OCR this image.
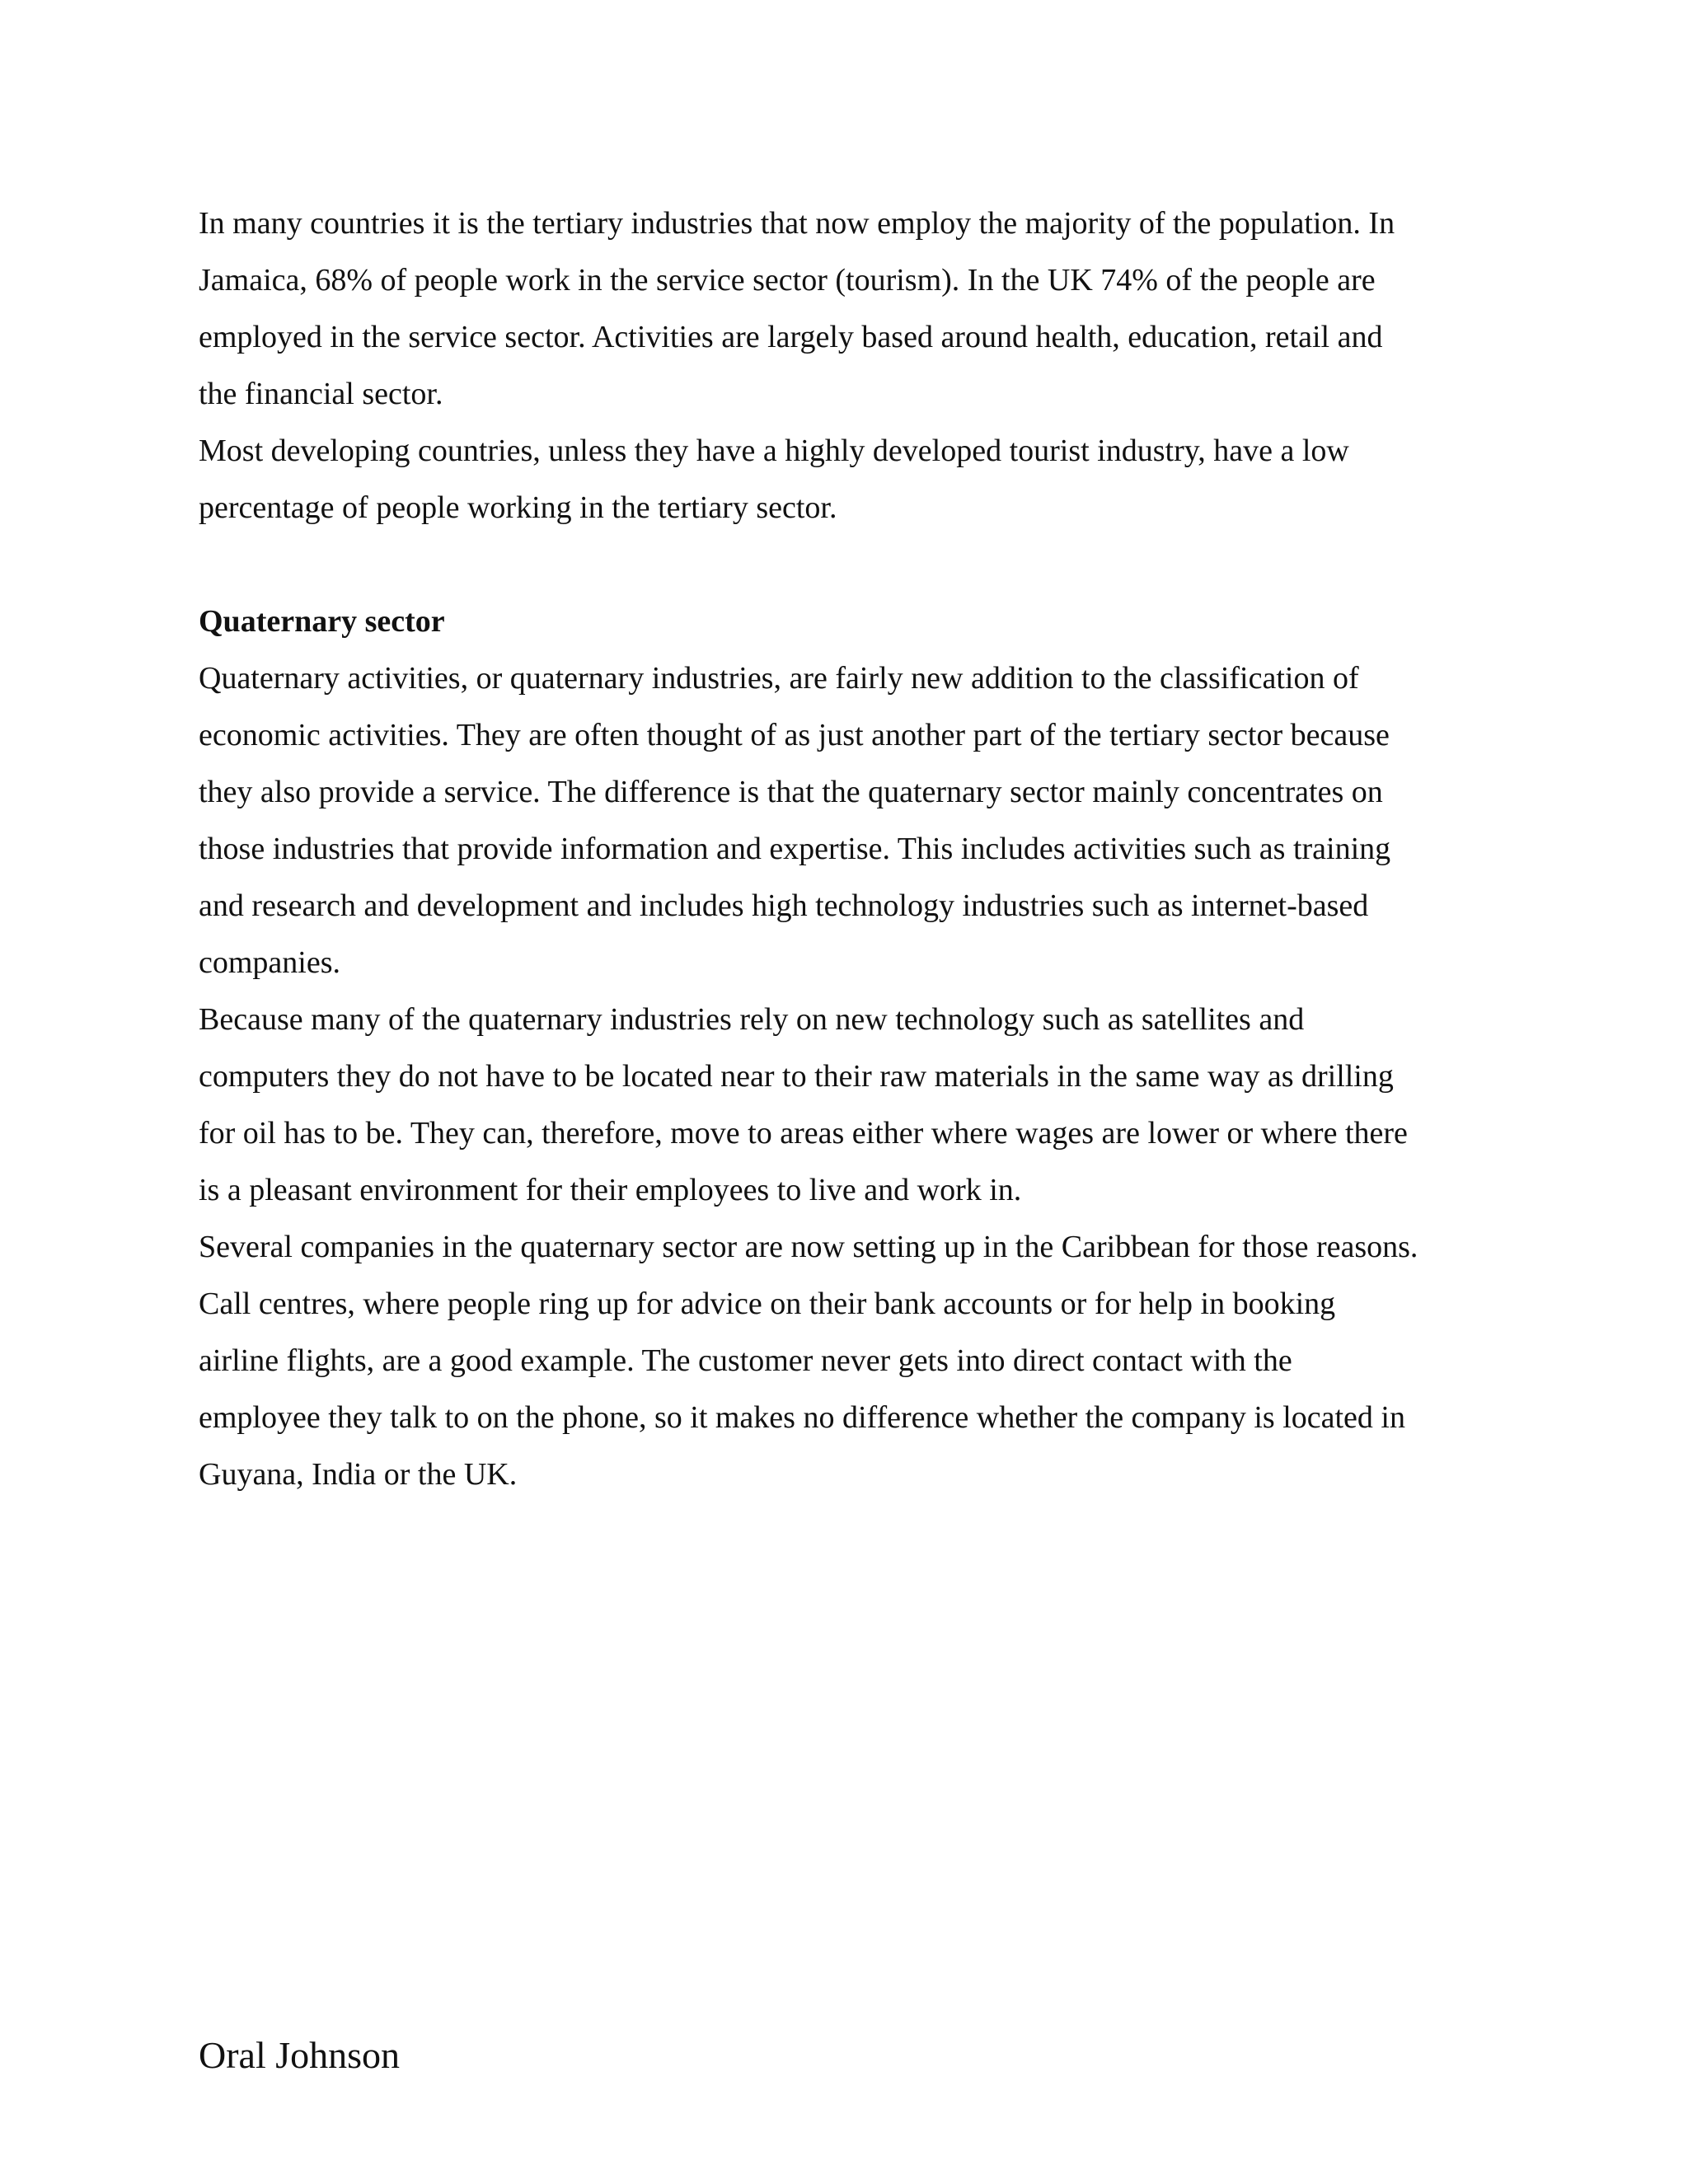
In many countries it is the tertiary industries that now employ the majority of the population. In
Jamaica, 68% of people work in the service sector (tourism). In the UK 74% of the people are
employed in the service sector. Activities are largely based around health, education, retail and
the financial sector.

Most developing countries, unless they have a highly developed tourist industry, have a low
percentage of people working in the tertiary sector.

Quaternary sector

Quaternary activities, or quaternary industries, are fairly new addition to the classification of
economic activities. They are often thought of as just another part of the tertiary sector because
they also provide a service. The difference is that the quaternary sector mainly concentrates on
those industries that provide information and expertise. This includes activities such as training
and research and development and includes high technology industries such as internet-based
companies.

Because many of the quaternary industries rely on new technology such as satellites and
computers they do not have to be located near to their raw materials in the same way as drilling
for oil has to be. They can, therefore, move to areas either where wages are lower or where there
is a pleasant environment for their employees to live and work in.

Several companies in the quaternary sector are now setting up in the Caribbean for those reasons.
Call centres, where people ring up for advice on their bank accounts or for help in booking
airline flights, are a good example. The customer never gets into direct contact with the
employee they talk to on the phone, so it makes no difference whether the company is located in
Guyana, India or the UK.

Oral Johnson
